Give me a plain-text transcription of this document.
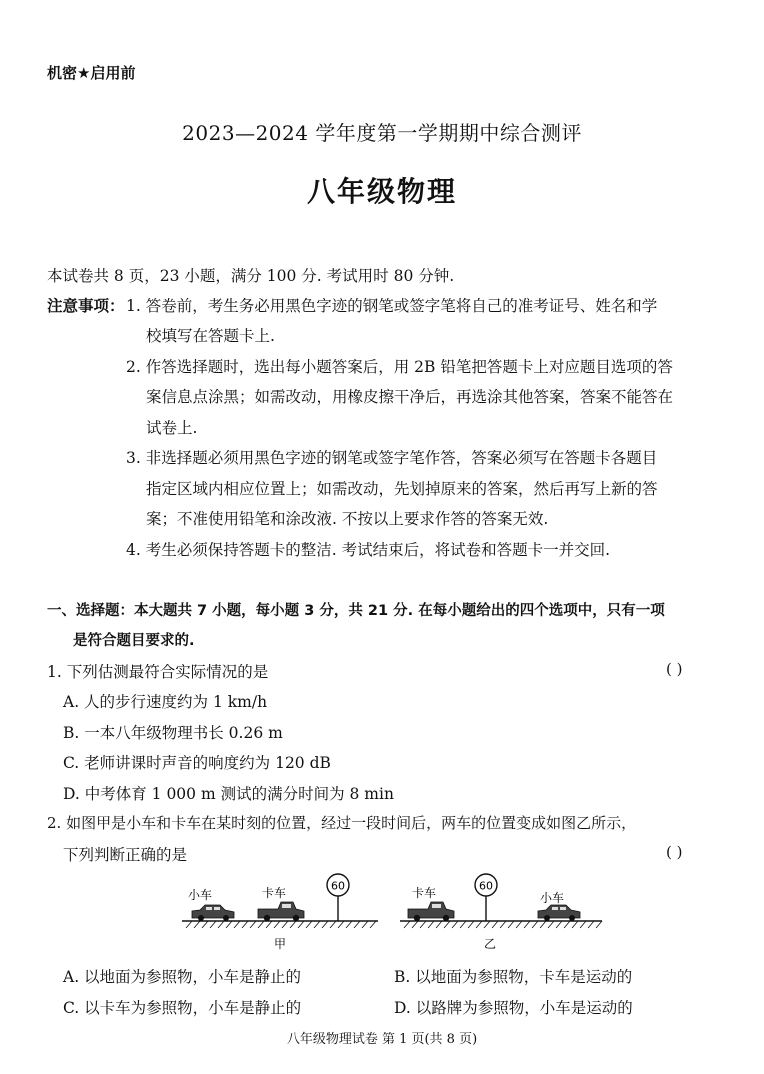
机密★启用前
2023—2024 学年度第一学期期中综合测评
八年级物理
本试卷共 8 页，23 小题，满分 100 分. 考试用时 80 分钟.
注意事项： 1. 答卷前，考生务必用黑色字迹的钢笔或签字笔将自己的准考证号、姓名和学
校填写在答题卡上.
2. 作答选择题时，选出每小题答案后，用 2B 铅笔把答题卡上对应题目选项的答
案信息点涂黑；如需改动，用橡皮擦干净后，再选涂其他答案，答案不能答在
试卷上.
3. 非选择题必须用黑色字迹的钢笔或签字笔作答，答案必须写在答题卡各题目
指定区域内相应位置上；如需改动，先划掉原来的答案，然后再写上新的答
案；不准使用铅笔和涂改液. 不按以上要求作答的答案无效.
4. 考生必须保持答题卡的整洁. 考试结束后，将试卷和答题卡一并交回.
一、选择题：本大题共 7 小题，每小题 3 分，共 21 分. 在每小题给出的四个选项中，只有一项
是符合题目要求的.
1. 下列估测最符合实际情况的是	( )
A. 人的步行速度约为 1 km/h
B. 一本八年级物理书长 0.26 m
C. 老师讲课时声音的响度约为 120 dB
D. 中考体育 1 000 m 测试的满分时间为 8 min
2. 如图甲是小车和卡车在某时刻的位置，经过一段时间后，两车的位置变成如图乙所示，
下列判断正确的是	( )
小车	卡车	60
甲
卡车	60
小车
乙
A. 以地面为参照物，小车是静止的	B. 以地面为参照物，卡车是运动的
C. 以卡车为参照物，小车是静止的	D. 以路牌为参照物，小车是运动的
八年级物理试卷 第 1 页(共 8 页)
